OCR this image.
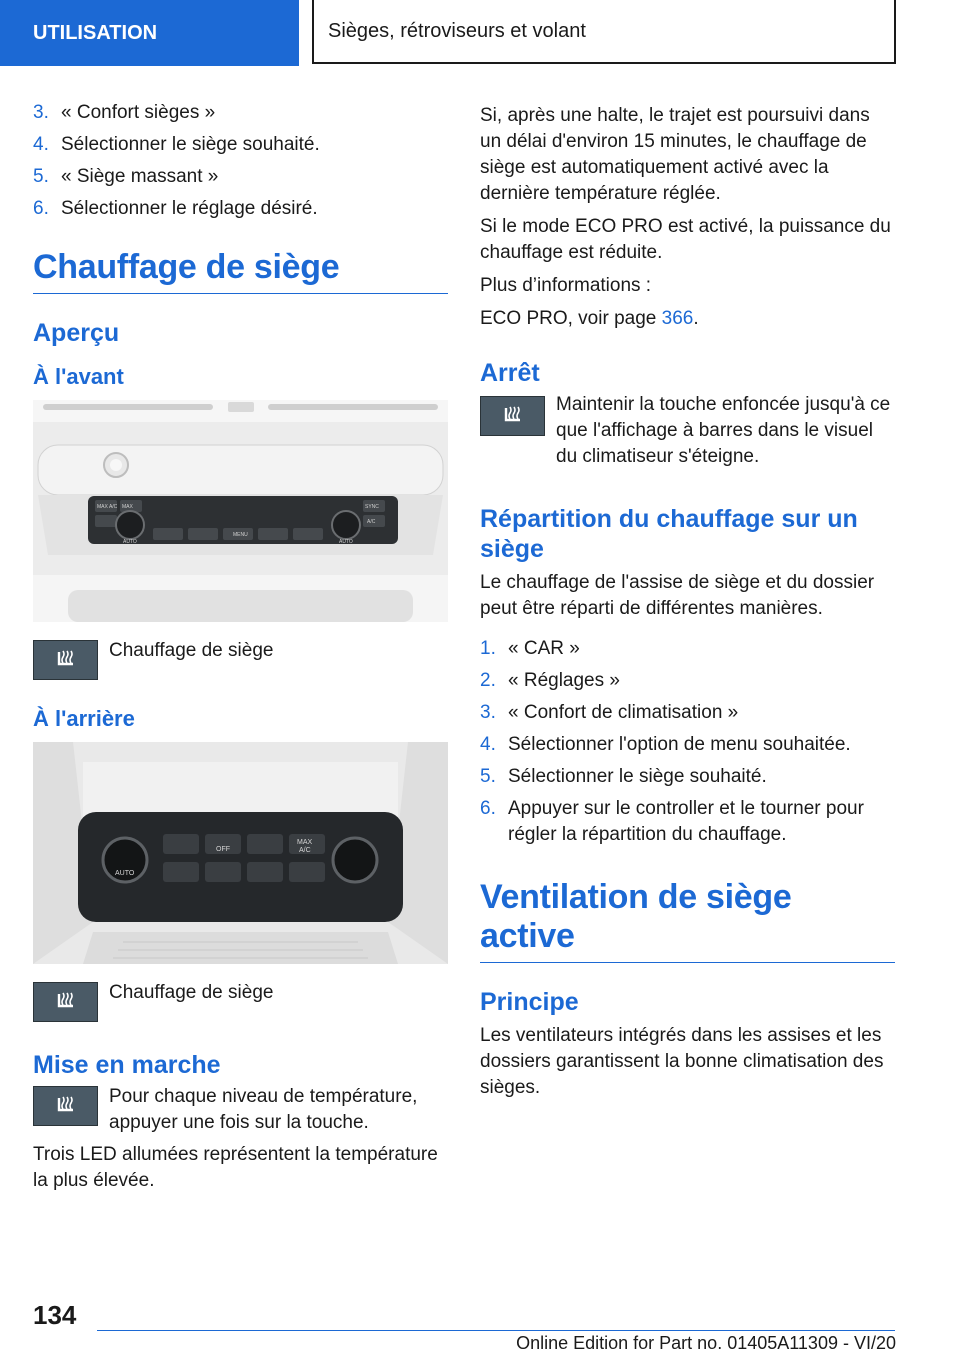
UTILISATION	Sièges, rétroviseurs et volant
3. « Confort sièges »
4. Sélectionner le siège souhaité.
5. « Siège massant »
6. Sélectionner le réglage désiré.
Chauffage de siège
Aperçu
À l'avant
MAX A/C MAX
AUTO
MENU
AUTO
A/C
SYNC
Chauffage de siège
À l'arrière
AUTO
OFF
MAX
A/C
Chauffage de siège
Mise en marche
Pour chaque niveau de température, appuyer une fois sur la touche.

Trois LED allumées représentent la température la plus élevée.

Si, après une halte, le trajet est poursuivi dans un délai d'environ 15 minutes, le chauffage de siège est automatiquement activé avec la dernière température réglée.

Si le mode ECO PRO est activé, la puissance du chauffage est réduite.

Plus d’informations :

ECO PRO, voir page 366.

Arrêt
Maintenir la touche enfoncée jusqu'à ce que l'affichage à barres dans le visuel du climatiseur s'éteigne.
Répartition du chauffage sur un siège

Le chauffage de l'assise de siège et du dossier peut être réparti de différentes manières.

1. « CAR »
2. « Réglages »
3. « Confort de climatisation »
4. Sélectionner l'option de menu souhaitée.
5. Sélectionner le siège souhaité.
6. Appuyer sur le controller et le tourner pour régler la répartition du chauffage.
Ventilation de siège active
Principe

Les ventilateurs intégrés dans les assises et les dossiers garantissent la bonne climatisation des sièges.

134
Online Edition for Part no. 01405A11309 - VI/20
